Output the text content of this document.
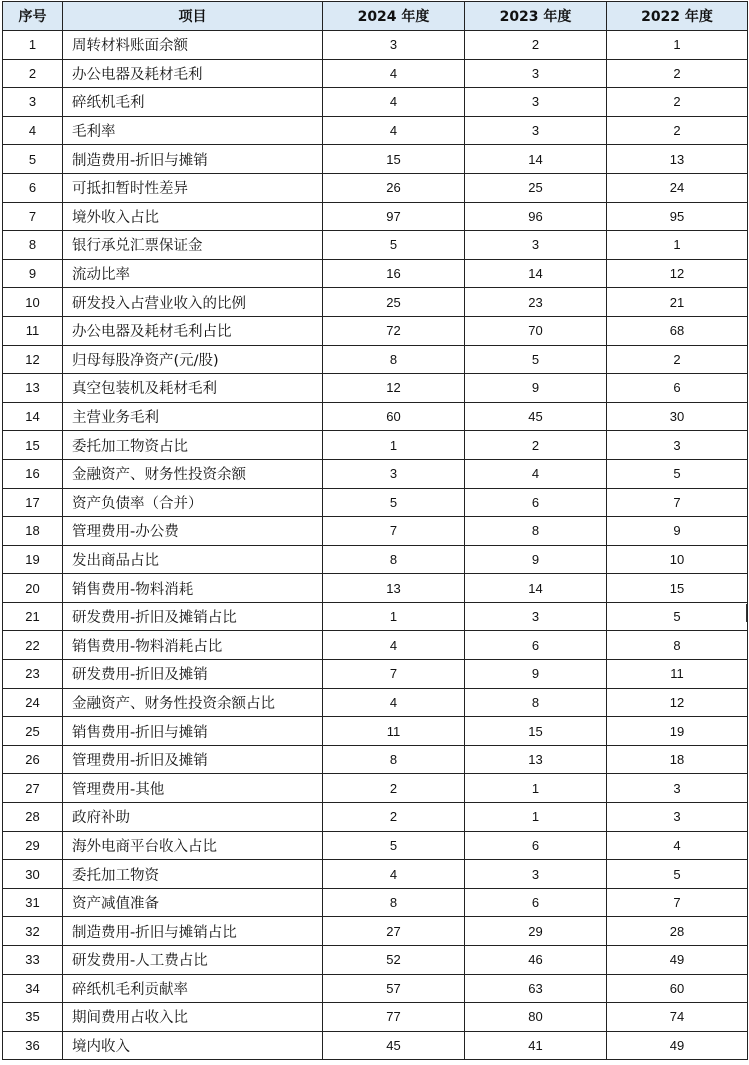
序号	项目	2024 年度	2023 年度	2022 年度
1	周转材料账面余额	3	2	1
2	办公电器及耗材毛利	4	3	2
3	碎纸机毛利	4	3	2
4	毛利率	4	3	2
5	制造费用-折旧与摊销	15	14	13
6	可抵扣暂时性差异	26	25	24
7	境外收入占比	97	96	95
8	银行承兑汇票保证金	5	3	1
9	流动比率	16	14	12
10	研发投入占营业收入的比例	25	23	21
11	办公电器及耗材毛利占比	72	70	68
12	归母每股净资产(元/股)	8	5	2
13	真空包装机及耗材毛利	12	9	6
14	主营业务毛利	60	45	30
15	委托加工物资占比	1	2	3
16	金融资产、财务性投资余额	3	4	5
17	资产负债率（合并）	5	6	7
18	管理费用-办公费	7	8	9
19	发出商品占比	8	9	10
20	销售费用-物料消耗	13	14	15
21	研发费用-折旧及摊销占比	1	3	5
22	销售费用-物料消耗占比	4	6	8
23	研发费用-折旧及摊销	7	9	11
24	金融资产、财务性投资余额占比	4	8	12
25	销售费用-折旧与摊销	11	15	19
26	管理费用-折旧及摊销	8	13	18
27	管理费用-其他	2	1	3
28	政府补助	2	1	3
29	海外电商平台收入占比	5	6	4
30	委托加工物资	4	3	5
31	资产减值准备	8	6	7
32	制造费用-折旧与摊销占比	27	29	28
33	研发费用-人工费占比	52	46	49
34	碎纸机毛利贡献率	57	63	60
35	期间费用占收入比	77	80	74
36	境内收入	45	41	49
